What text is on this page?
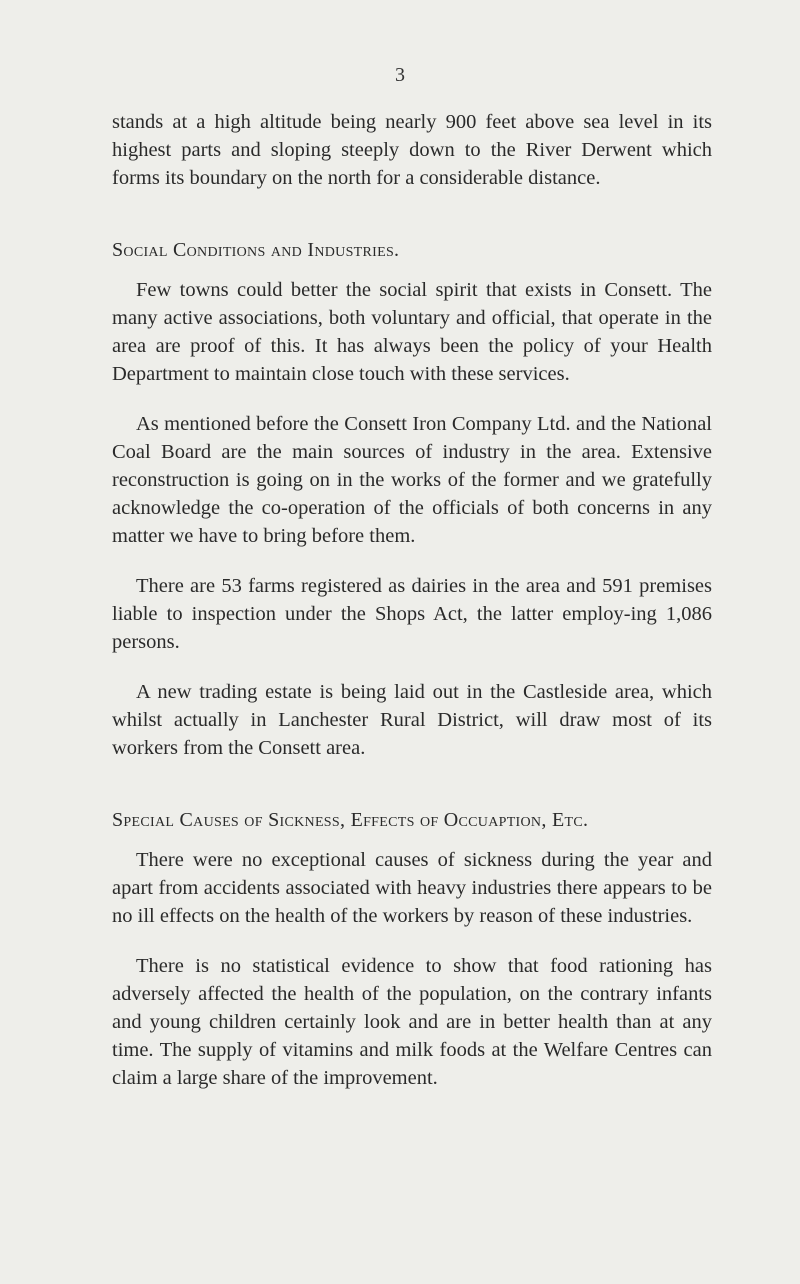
3

stands at a high altitude being nearly 900 feet above sea level in its highest parts and sloping steeply down to the River Derwent which forms its boundary on the north for a considerable distance.

Social Conditions and Industries.

Few towns could better the social spirit that exists in Consett. The many active associations, both voluntary and official, that operate in the area are proof of this. It has always been the policy of your Health Department to maintain close touch with these services.

As mentioned before the Consett Iron Company Ltd. and the National Coal Board are the main sources of industry in the area. Extensive reconstruction is going on in the works of the former and we gratefully acknowledge the co-operation of the officials of both concerns in any matter we have to bring before them.

There are 53 farms registered as dairies in the area and 591 premises liable to inspection under the Shops Act, the latter employ-ing 1,086 persons.

A new trading estate is being laid out in the Castleside area, which whilst actually in Lanchester Rural District, will draw most of its workers from the Consett area.

Special Causes of Sickness, Effects of Occuaption, Etc.

There were no exceptional causes of sickness during the year and apart from accidents associated with heavy industries there appears to be no ill effects on the health of the workers by reason of these industries.

There is no statistical evidence to show that food rationing has adversely affected the health of the population, on the contrary infants and young children certainly look and are in better health than at any time. The supply of vitamins and milk foods at the Welfare Centres can claim a large share of the improvement.
